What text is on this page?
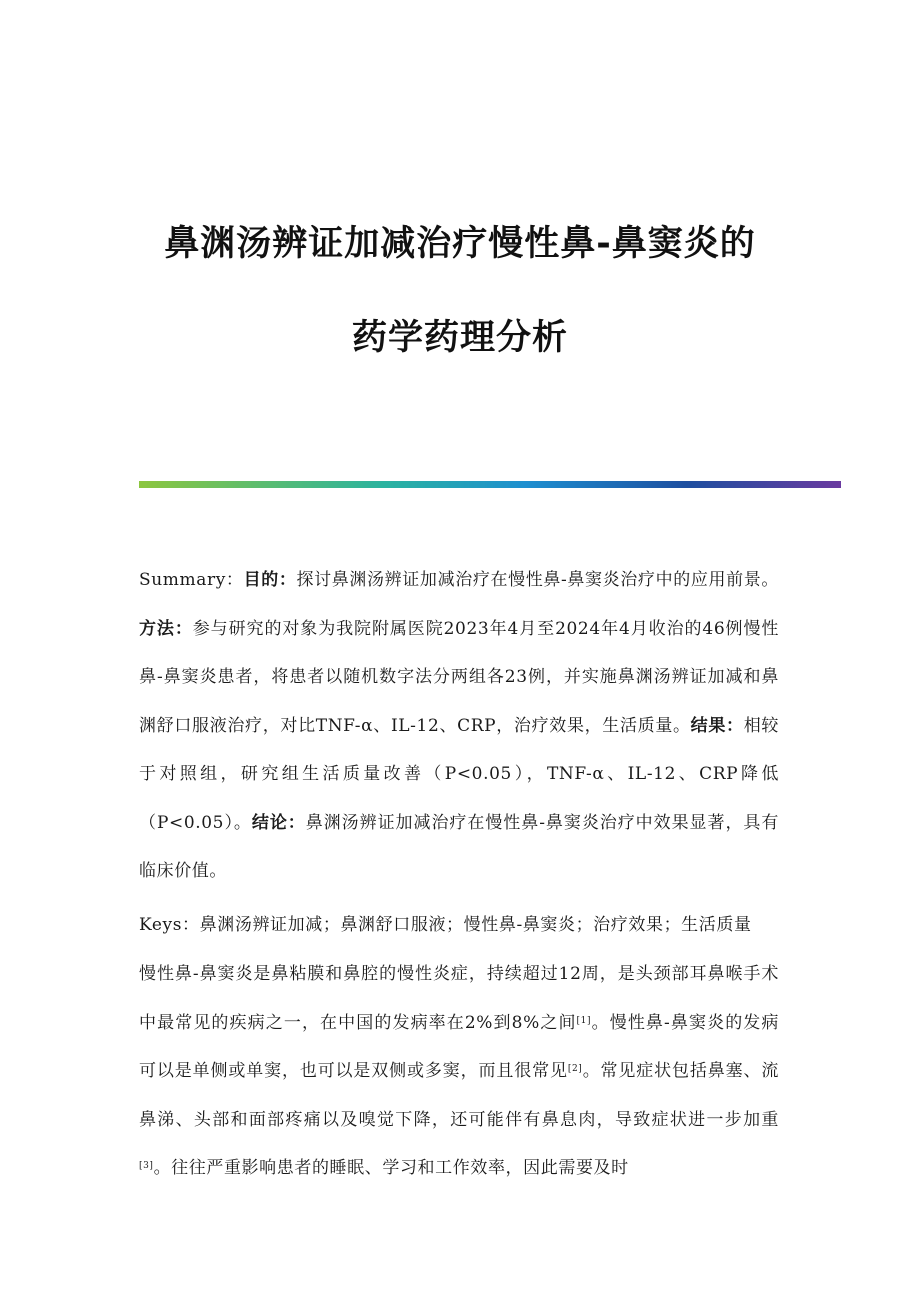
鼻渊汤辨证加减治疗慢性鼻-鼻窦炎的
药学药理分析
Summary：目的：探讨鼻渊汤辨证加减治疗在慢性鼻-鼻窦炎治疗中的应用前景。方法：参与研究的对象为我院附属医院2023年4月至2024年4月收治的46例慢性鼻-鼻窦炎患者，将患者以随机数字法分两组各23例，并实施鼻渊汤辨证加减和鼻渊舒口服液治疗，对比TNF-α、IL-12、CRP，治疗效果，生活质量。结果：相较于对照组，研究组生活质量改善（P<0.05），TNF-α、IL-12、CRP降低（P<0.05）。结论：鼻渊汤辨证加减治疗在慢性鼻-鼻窦炎治疗中效果显著，具有临床价值。
Keys：鼻渊汤辨证加减；鼻渊舒口服液；慢性鼻-鼻窦炎；治疗效果；生活质量
慢性鼻-鼻窦炎是鼻粘膜和鼻腔的慢性炎症，持续超过12周，是头颈部耳鼻喉手术中最常见的疾病之一，在中国的发病率在2%到8%之间[1]。慢性鼻-鼻窦炎的发病可以是单侧或单窦，也可以是双侧或多窦，而且很常见[2]。常见症状包括鼻塞、流鼻涕、头部和面部疼痛以及嗅觉下降，还可能伴有鼻息肉，导致症状进一步加重[3]。往往严重影响患者的睡眠、学习和工作效率，因此需要及时
